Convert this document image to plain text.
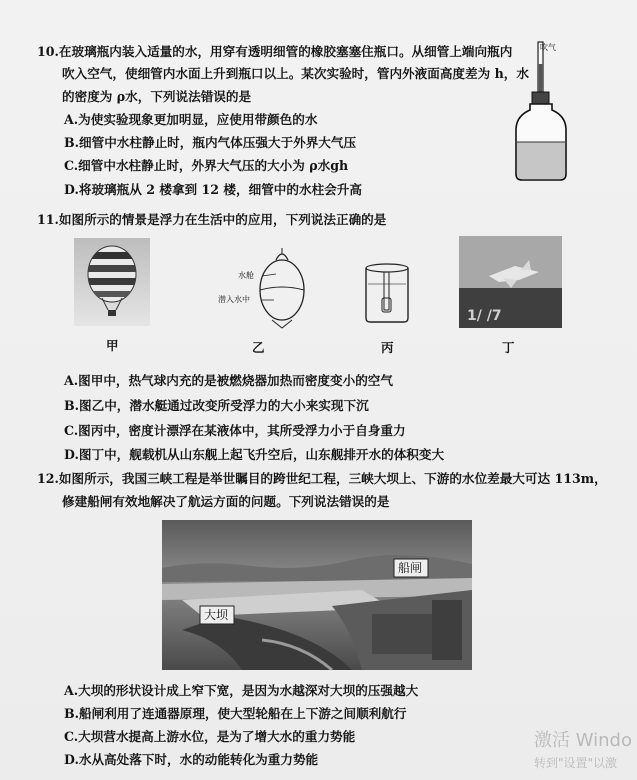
10.在玻璃瓶内装入适量的水，用穿有透明细管的橡胶塞塞住瓶口。从细管上端向瓶内
吹入空气，使细管内水面上升到瓶口以上。某次实验时，管内外液面高度差为 h，水
的密度为 ρ水，下列说法错误的是
A.为使实验现象更加明显，应使用带颜色的水
B.细管中水柱静止时，瓶内气体压强大于外界大气压
C.细管中水柱静止时，外界大气压的大小为 ρ水gh
D.将玻璃瓶从 2 楼拿到 12 楼，细管中的水柱会升高
吹气
11.如图所示的情景是浮力在生活中的应用，下列说法正确的是
水舱
潜入水中
1/ /7
甲	乙	丙	丁
A.图甲中，热气球内充的是被燃烧器加热而密度变小的空气
B.图乙中，潜水艇通过改变所受浮力的大小来实现下沉
C.图丙中，密度计漂浮在某液体中，其所受浮力小于自身重力
D.图丁中，舰载机从山东舰上起飞升空后，山东舰排开水的体积变大
12.如图所示，我国三峡工程是举世瞩目的跨世纪工程，三峡大坝上、下游的水位差最大可达 113m，
修建船闸有效地解决了航运方面的问题。下列说法错误的是
船闸
大坝
A.大坝的形状设计成上窄下宽，是因为水越深对大坝的压强越大
B.船闸利用了连通器原理，使大型轮船在上下游之间顺利航行
C.大坝营水提高上游水位，是为了增大水的重力势能
D.水从高处落下时，水的动能转化为重力势能
激活 Windo
转到"设置"以激
